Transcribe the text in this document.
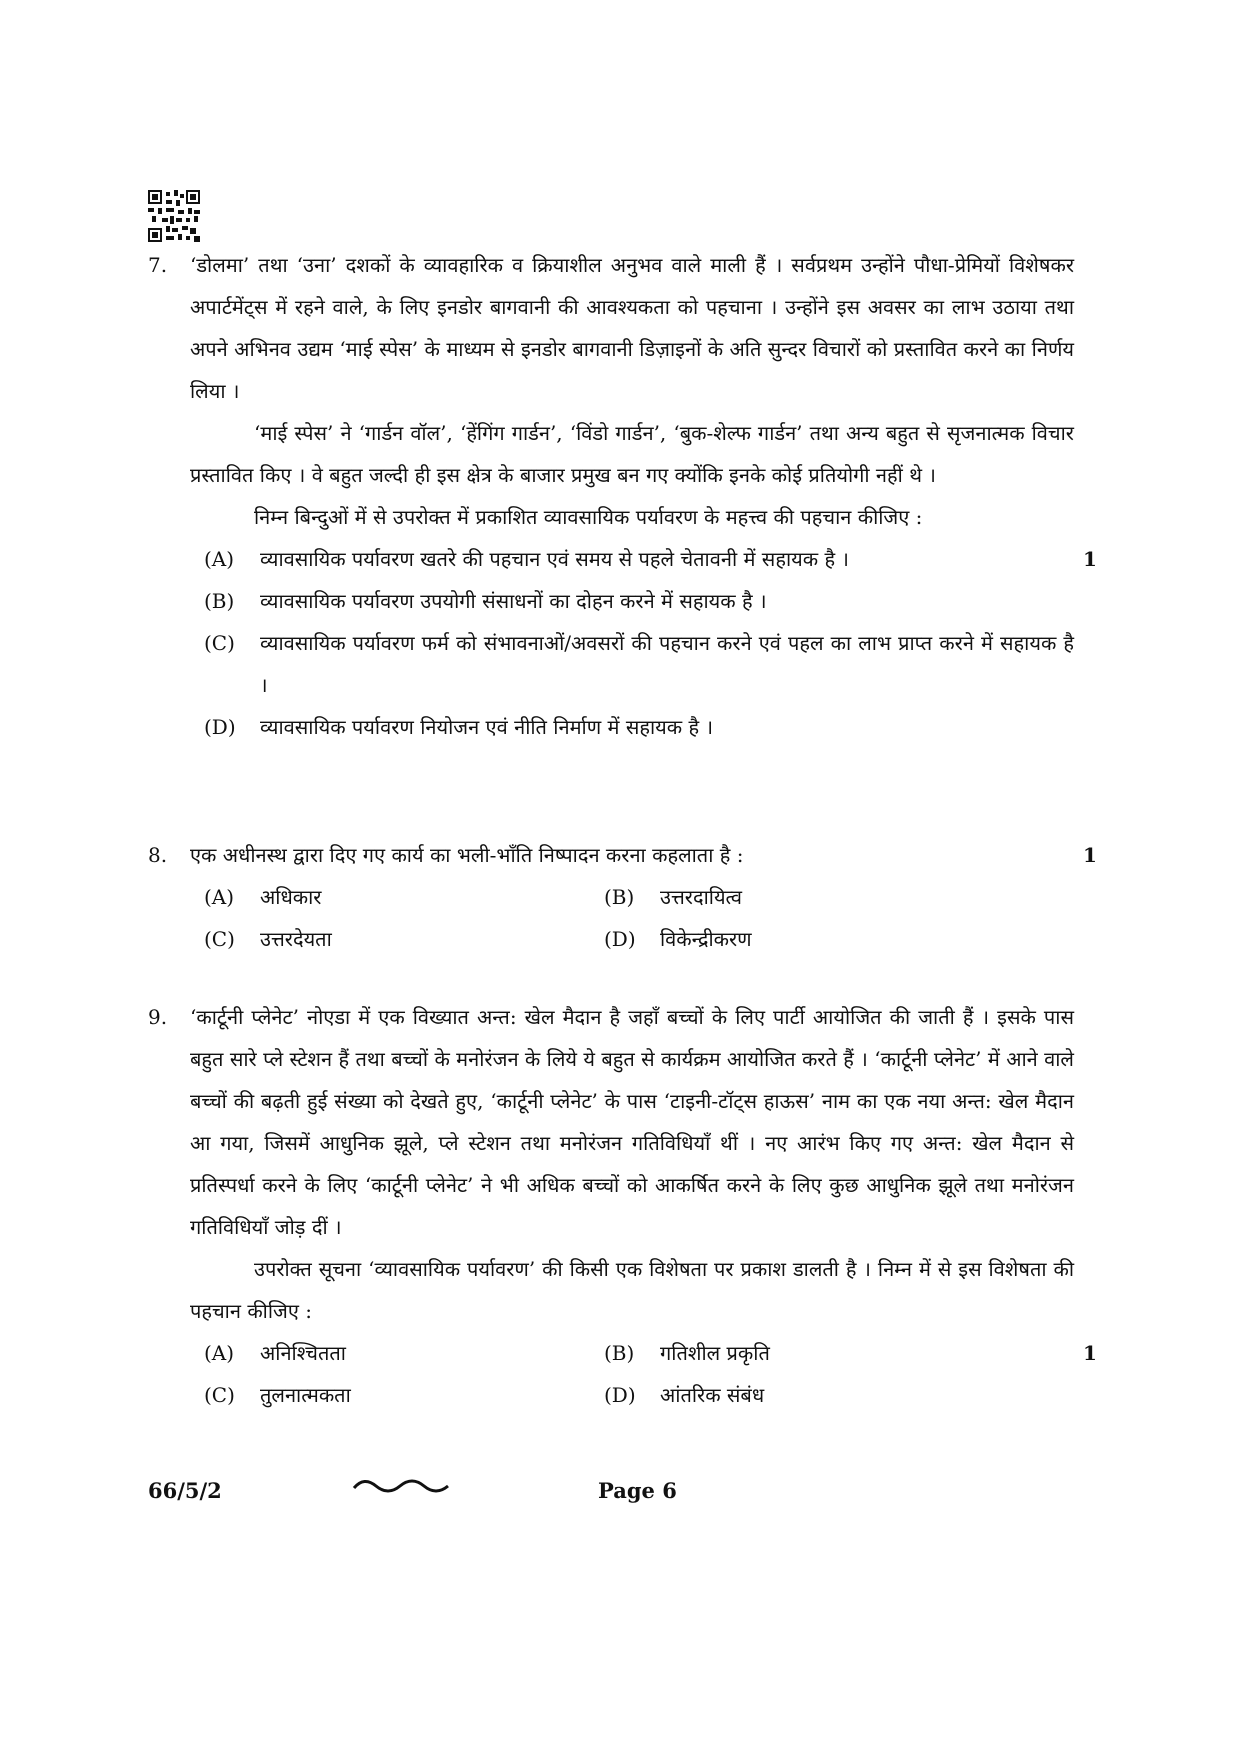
7. ‘डोलमा’ तथा ‘उना’ दशकों के व्यावहारिक व क्रियाशील अनुभव वाले माली हैं । सर्वप्रथम उन्होंने पौधा-प्रेमियों विशेषकर अपार्टमेंट्स में रहने वाले, के लिए इनडोर बागवानी की आवश्यकता को पहचाना । उन्होंने इस अवसर का लाभ उठाया तथा अपने अभिनव उद्यम ‘माई स्पेस’ के माध्यम से इनडोर बागवानी डिज़ाइनों के अति सुन्दर विचारों को प्रस्तावित करने का निर्णय लिया ।

‘माई स्पेस’ ने ‘गार्डन वॉल’, ‘हेंगिंग गार्डन’, ‘विंडो गार्डन’, ‘बुक-शेल्फ गार्डन’ तथा अन्य बहुत से सृजनात्मक विचार प्रस्तावित किए । वे बहुत जल्दी ही इस क्षेत्र के बाजार प्रमुख बन गए क्योंकि इनके कोई प्रतियोगी नहीं थे ।

निम्न बिन्दुओं में से उपरोक्त में प्रकाशित व्यावसायिक पर्यावरण के महत्त्व की पहचान कीजिए :

1
(A)	व्यावसायिक पर्यावरण खतरे की पहचान एवं समय से पहले चेतावनी में सहायक है ।
(B)	व्यावसायिक पर्यावरण उपयोगी संसाधनों का दोहन करने में सहायक है ।
(C)	व्यावसायिक पर्यावरण फर्म को संभावनाओं/अवसरों की पहचान करने एवं पहल का लाभ प्राप्त करने में सहायक है ।
(D)	व्यावसायिक पर्यावरण नियोजन एवं नीति निर्माण में सहायक है ।
8. एक अधीनस्थ द्वारा दिए गए कार्य का भली-भाँति निष्पादन करना कहलाता है :	1
(A)	अधिकार	(B)	उत्तरदायित्व
(C)	उत्तरदेयता	(D)	विकेन्द्रीकरण
9. ‘कार्टूनी प्लेनेट’ नोएडा में एक विख्यात अन्त: खेल मैदान है जहाँ बच्चों के लिए पार्टी आयोजित की जाती हैं । इसके पास बहुत सारे प्ले स्टेशन हैं तथा बच्चों के मनोरंजन के लिये ये बहुत से कार्यक्रम आयोजित करते हैं । ‘कार्टूनी प्लेनेट’ में आने वाले बच्चों की बढ़ती हुई संख्या को देखते हुए, ‘कार्टूनी प्लेनेट’ के पास ‘टाइनी-टॉट्स हाऊस’ नाम का एक नया अन्त: खेल मैदान आ गया, जिसमें आधुनिक झूले, प्ले स्टेशन तथा मनोरंजन गतिविधियाँ थीं । नए आरंभ किए गए अन्त: खेल मैदान से प्रतिस्पर्धा करने के लिए ‘कार्टूनी प्लेनेट’ ने भी अधिक बच्चों को आकर्षित करने के लिए कुछ आधुनिक झूले तथा मनोरंजन गतिविधियाँ जोड़ दीं ।

उपरोक्त सूचना ‘व्यावसायिक पर्यावरण’ की किसी एक विशेषता पर प्रकाश डालती है । निम्न में से इस विशेषता की पहचान कीजिए :

1
(A)	अनिश्चितता	(B)	गतिशील प्रकृति
(C)	तुलनात्मकता	(D)	आंतरिक संबंध
66/5/2	Page 6
